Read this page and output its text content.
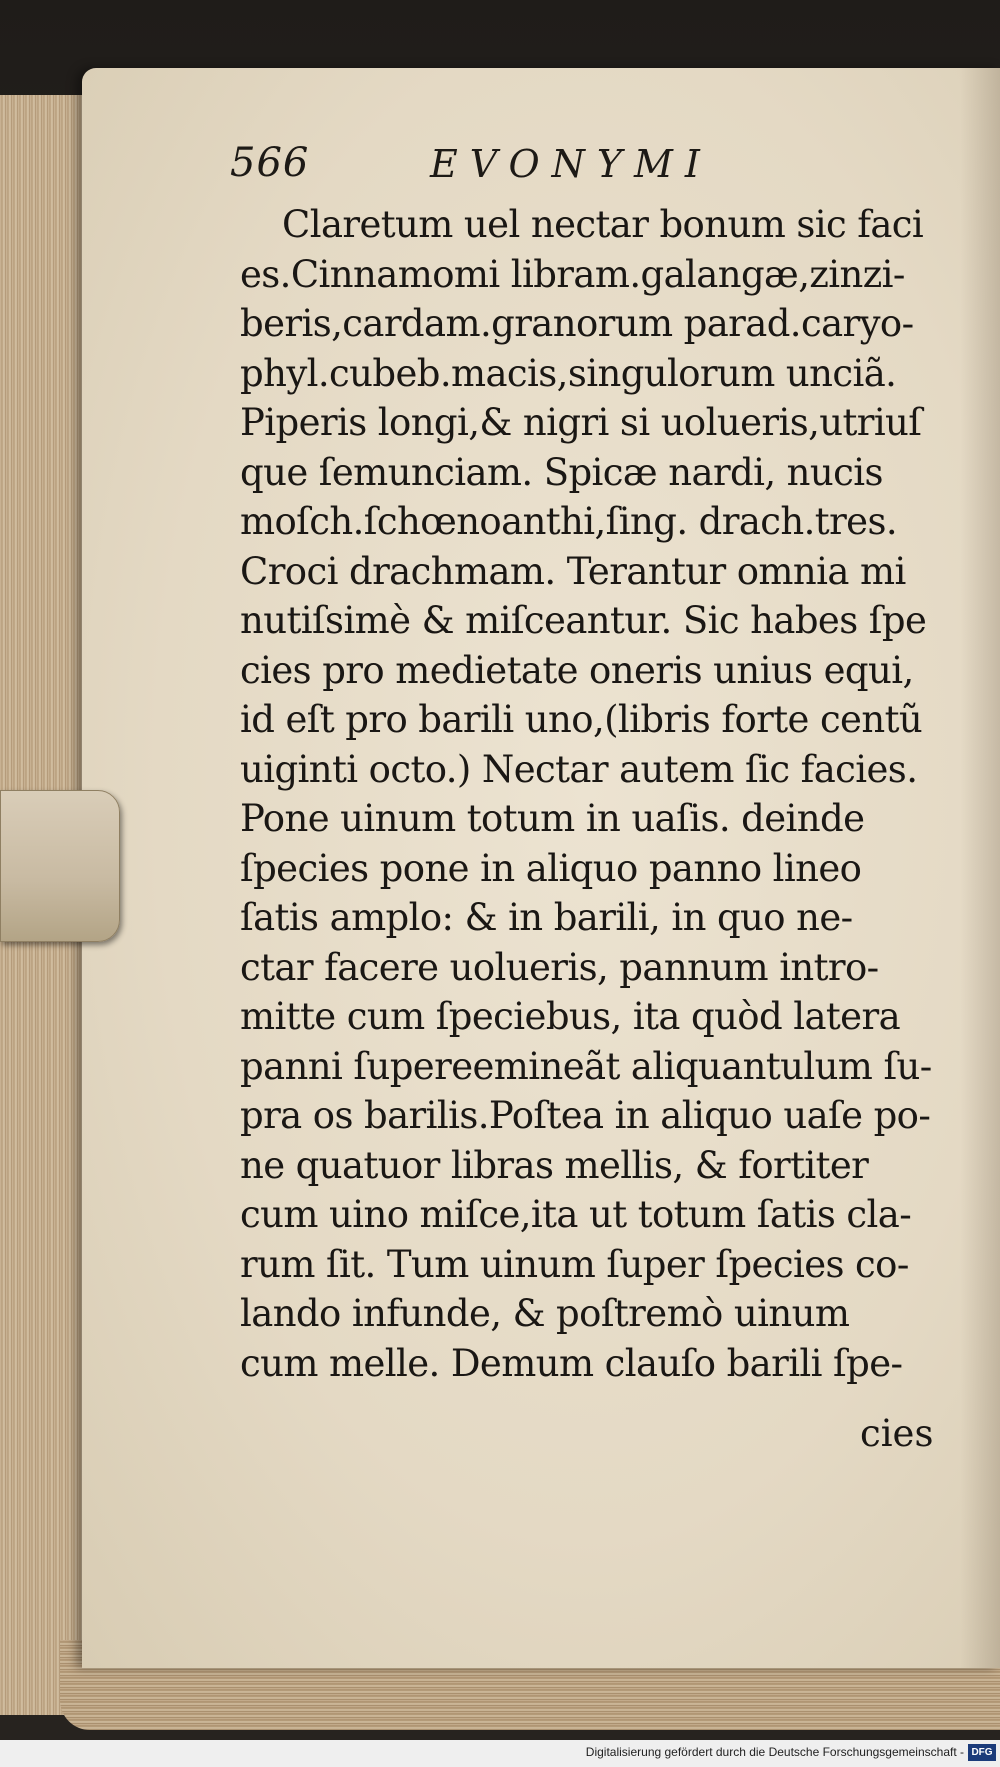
566	EVONYMI
Claretum uel nectar bonum sic faci
es.Cinnamomi libram.galangæ,zinzi-
beris,cardam.granorum parad.caryo-
phyl.cubeb.macis,singulorum unciã.
Piperis longi,& nigri si uolueris,utriuſ
que ſemunciam. Spicæ nardi, nucis
moſch.ſchœnoanthi,ſing. drach.tres.
Croci drachmam. Terantur omnia mi
nutiſsimè & miſceantur. Sic habes ſpe
cies pro medietate oneris unius equi,
id eſt pro barili uno,(libris forte centũ
uiginti octo.) Nectar autem ſic facies.
Pone uinum totum in uaſis. deinde
ſpecies pone in aliquo panno lineo
ſatis amplo: & in barili, in quo ne-
ctar facere uolueris, pannum intro-
mitte cum ſpeciebus, ita quòd latera
panni ſupereemineãt aliquantulum ſu-
pra os barilis.Poſtea in aliquo uaſe po-
ne quatuor libras mellis, & fortiter
cum uino miſce,ita ut totum ſatis cla-
rum ſit. Tum uinum ſuper ſpecies co-
lando infunde, & poſtremò uinum
cum melle. Demum clauſo barili ſpe-
cies
Digitalisierung gefördert durch die Deutsche Forschungsgemeinschaft - DFG
